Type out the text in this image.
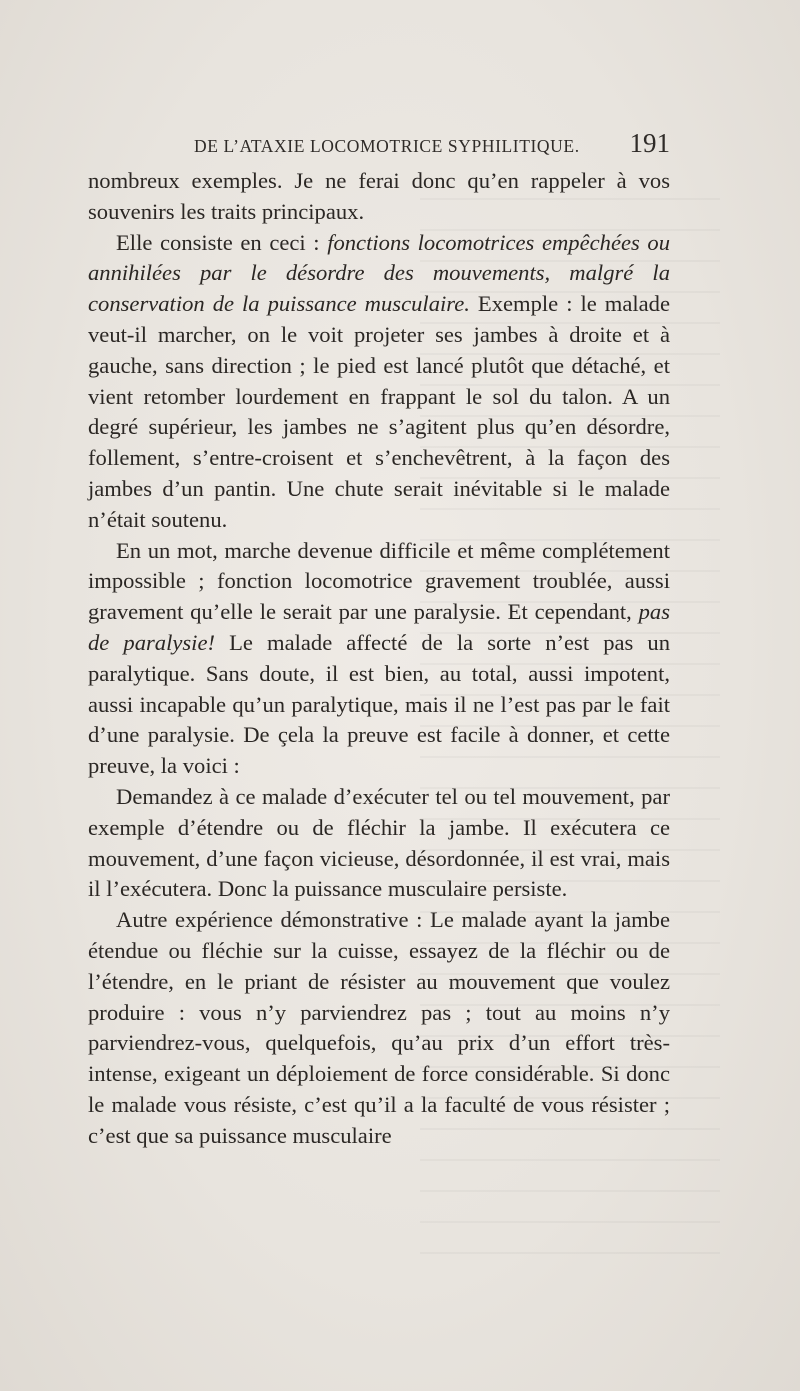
DE L’ATAXIE LOCOMOTRICE SYPHILITIQUE. 191

nombreux exemples. Je ne ferai donc qu’en rappeler à vos souvenirs les traits principaux.

Elle consiste en ceci : fonctions locomotrices empêchées ou annihilées par le désordre des mouvements, malgré la conservation de la puissance musculaire. Exemple : le malade veut-il marcher, on le voit projeter ses jambes à droite et à gauche, sans direction ; le pied est lancé plutôt que détaché, et vient retomber lourdement en frappant le sol du talon. A un degré supérieur, les jambes ne s’agitent plus qu’en désordre, follement, s’entre-croisent et s’enchevêtrent, à la façon des jambes d’un pantin. Une chute serait inévitable si le malade n’était soutenu.

En un mot, marche devenue difficile et même complétement impossible ; fonction locomotrice gravement troublée, aussi gravement qu’elle le serait par une paralysie. Et cependant, pas de paralysie! Le malade affecté de la sorte n’est pas un paralytique. Sans doute, il est bien, au total, aussi impotent, aussi incapable qu’un paralytique, mais il ne l’est pas par le fait d’une paralysie. De çela la preuve est facile à donner, et cette preuve, la voici :

Demandez à ce malade d’exécuter tel ou tel mouvement, par exemple d’étendre ou de fléchir la jambe. Il exécutera ce mouvement, d’une façon vicieuse, désordonnée, il est vrai, mais il l’exécutera. Donc la puissance musculaire persiste.

Autre expérience démonstrative : Le malade ayant la jambe étendue ou fléchie sur la cuisse, essayez de la fléchir ou de l’étendre, en le priant de résister au mouvement que voulez produire : vous n’y parviendrez pas ; tout au moins n’y parviendrez-vous, quelquefois, qu’au prix d’un effort très-intense, exigeant un déploiement de force considérable. Si donc le malade vous résiste, c’est qu’il a la faculté de vous résister ; c’est que sa puissance musculaire
